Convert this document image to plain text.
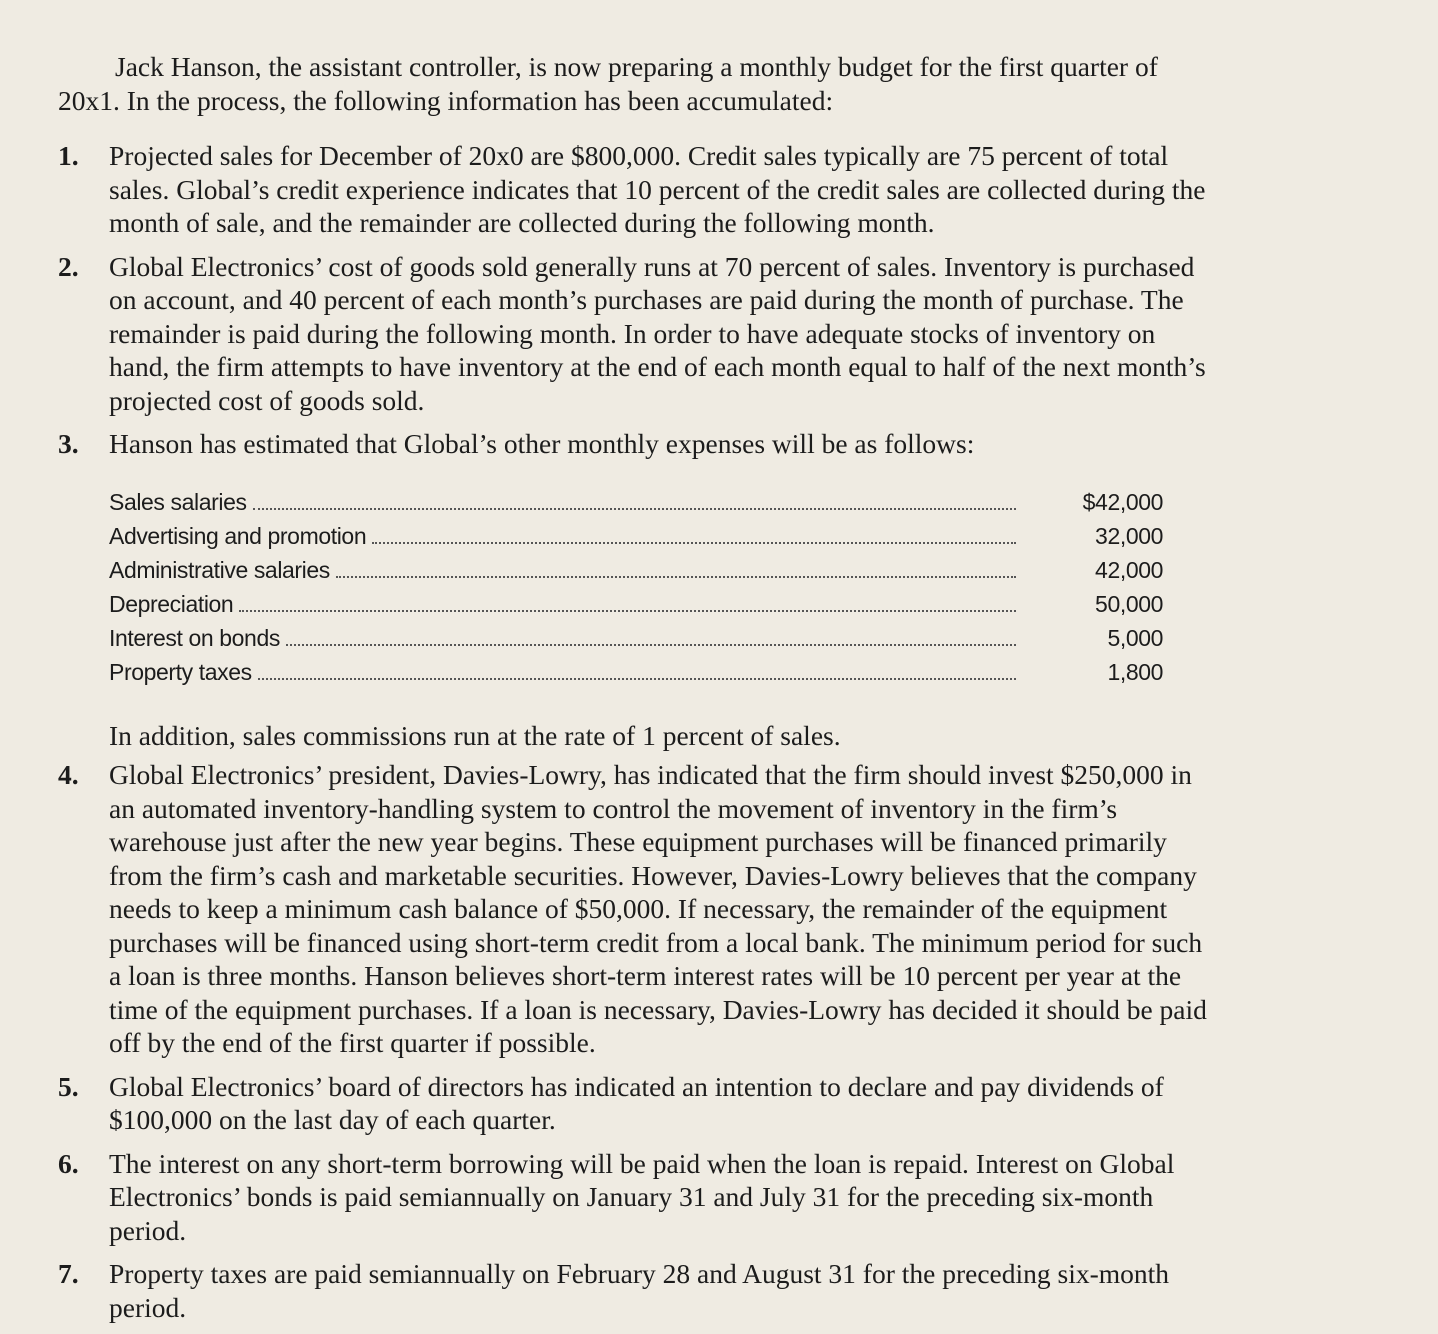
Jack Hanson, the assistant controller, is now preparing a monthly budget for the first quarter of 20x1. In the process, the following information has been accumulated:

1. Projected sales for December of 20x0 are $800,000. Credit sales typically are 75 percent of total sales. Global’s credit experience indicates that 10 percent of the credit sales are collected during the month of sale, and the remainder are collected during the following month.
2. Global Electronics’ cost of goods sold generally runs at 70 percent of sales. Inventory is purchased on account, and 40 percent of each month’s purchases are paid during the month of purchase. The remainder is paid during the following month. In order to have adequate stocks of inventory on hand, the firm attempts to have inventory at the end of each month equal to half of the next month’s projected cost of goods sold.
3. Hanson has estimated that Global’s other monthly expenses will be as follows:
Sales salaries	$42,000
Advertising and promotion	32,000
Administrative salaries	42,000
Depreciation	50,000
Interest on bonds	5,000
Property taxes	1,800

In addition, sales commissions run at the rate of 1 percent of sales.

4. Global Electronics’ president, Davies-Lowry, has indicated that the firm should invest $250,000 in an automated inventory-handling system to control the movement of inventory in the firm’s warehouse just after the new year begins. These equipment purchases will be financed primarily from the firm’s cash and marketable securities. However, Davies-Lowry believes that the company needs to keep a minimum cash balance of $50,000. If necessary, the remainder of the equipment purchases will be financed using short-term credit from a local bank. The minimum period for such a loan is three months. Hanson believes short-term interest rates will be 10 percent per year at the time of the equipment purchases. If a loan is necessary, Davies-Lowry has decided it should be paid off by the end of the first quarter if possible.
5. Global Electronics’ board of directors has indicated an intention to declare and pay dividends of $100,000 on the last day of each quarter.
6. The interest on any short-term borrowing will be paid when the loan is repaid. Interest on Global Electronics’ bonds is paid semiannually on January 31 and July 31 for the preceding six-month period.
7. Property taxes are paid semiannually on February 28 and August 31 for the preceding six-month period.
